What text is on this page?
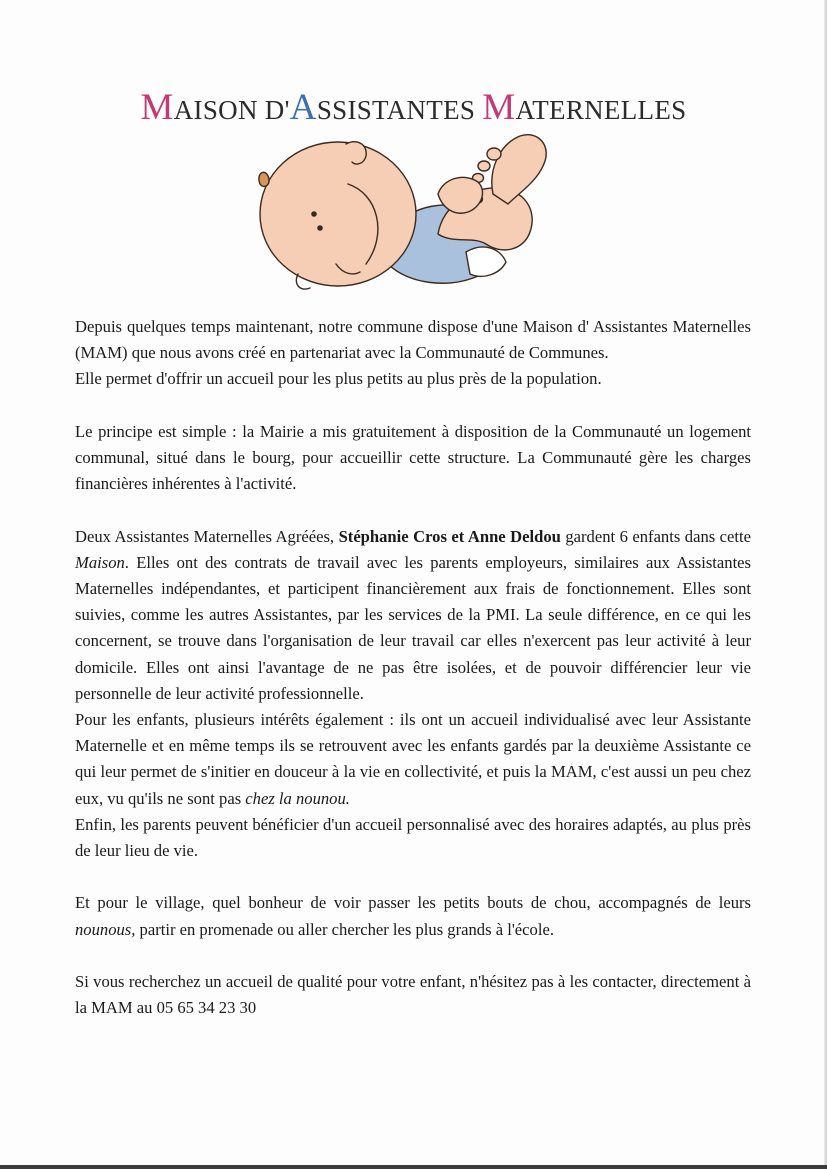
MAISON D'ASSISTANTES MATERNELLES

Depuis quelques temps maintenant, notre commune dispose d'une Maison d' Assistantes Maternelles (MAM) que nous avons créé en partenariat avec la Communauté de Communes.

Elle permet d'offrir un accueil pour les plus petits au plus près de la population.

Le principe est simple : la Mairie a mis gratuitement à disposition de la Communauté un logement communal, situé dans le bourg, pour accueillir cette structure. La Communauté gère les charges financières inhérentes à l'activité.

Deux Assistantes Maternelles Agréées, Stéphanie Cros et Anne Deldou gardent 6 enfants dans cette Maison. Elles ont des contrats de travail avec les parents employeurs, similaires aux Assistantes Maternelles indépendantes, et participent financièrement aux frais de fonctionnement. Elles sont suivies, comme les autres Assistantes, par les services de la PMI. La seule différence, en ce qui les concernent, se trouve dans l'organisation de leur travail car elles n'exercent pas leur activité à leur domicile. Elles ont ainsi l'avantage de ne pas être isolées, et de pouvoir différencier leur vie personnelle de leur activité professionnelle.

Pour les enfants, plusieurs intérêts également : ils ont un accueil individualisé avec leur Assistante Maternelle et en même temps ils se retrouvent avec les enfants gardés par la deuxième Assistante ce qui leur permet de s'initier en douceur à la vie en collectivité, et puis la MAM, c'est aussi un peu chez eux, vu qu'ils ne sont pas chez la nounou.

Enfin, les parents peuvent bénéficier d'un accueil personnalisé avec des horaires adaptés, au plus près de leur lieu de vie.

Et pour le village, quel bonheur de voir passer les petits bouts de chou, accompagnés de leurs nounous, partir en promenade ou aller chercher les plus grands à l'école.

Si vous recherchez un accueil de qualité pour votre enfant, n'hésitez pas à les contacter, directement à la MAM au 05 65 34 23 30
